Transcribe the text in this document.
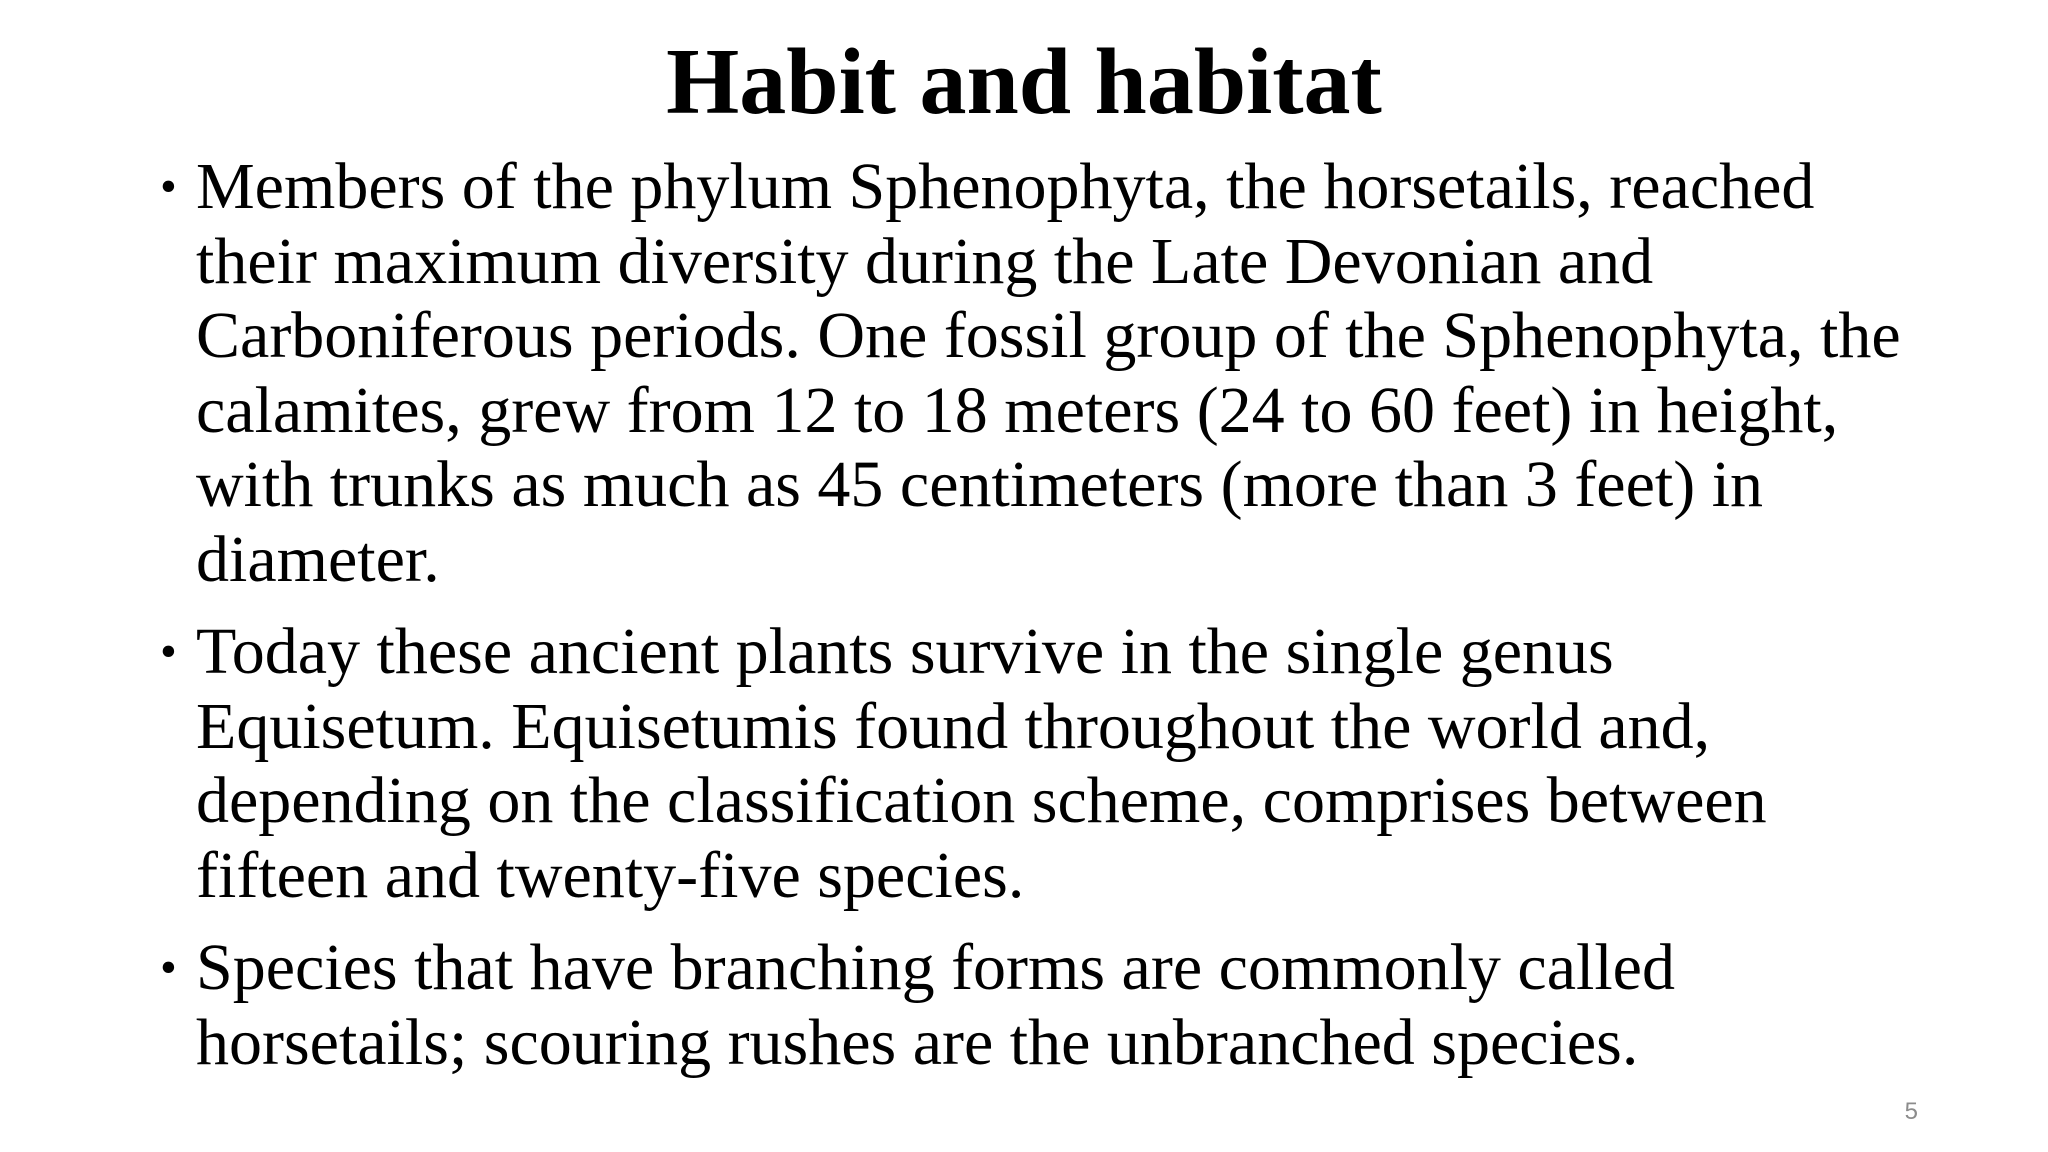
Habit and habitat
• Members of the phylum Sphenophyta, the horsetails, reached their maximum diversity during the Late Devonian and Carboniferous periods. One fossil group of the Sphenophyta, the calamites, grew from 12 to 18 meters (24 to 60 feet) in height, with trunks as much as 45 centimeters (more than 3 feet) in diameter.
• Today these ancient plants survive in the single genus Equisetum. Equisetumis found throughout the world and, depending on the classification scheme, comprises between fifteen and twenty-five species.
• Species that have branching forms are commonly called horsetails; scouring rushes are the unbranched species.
5
